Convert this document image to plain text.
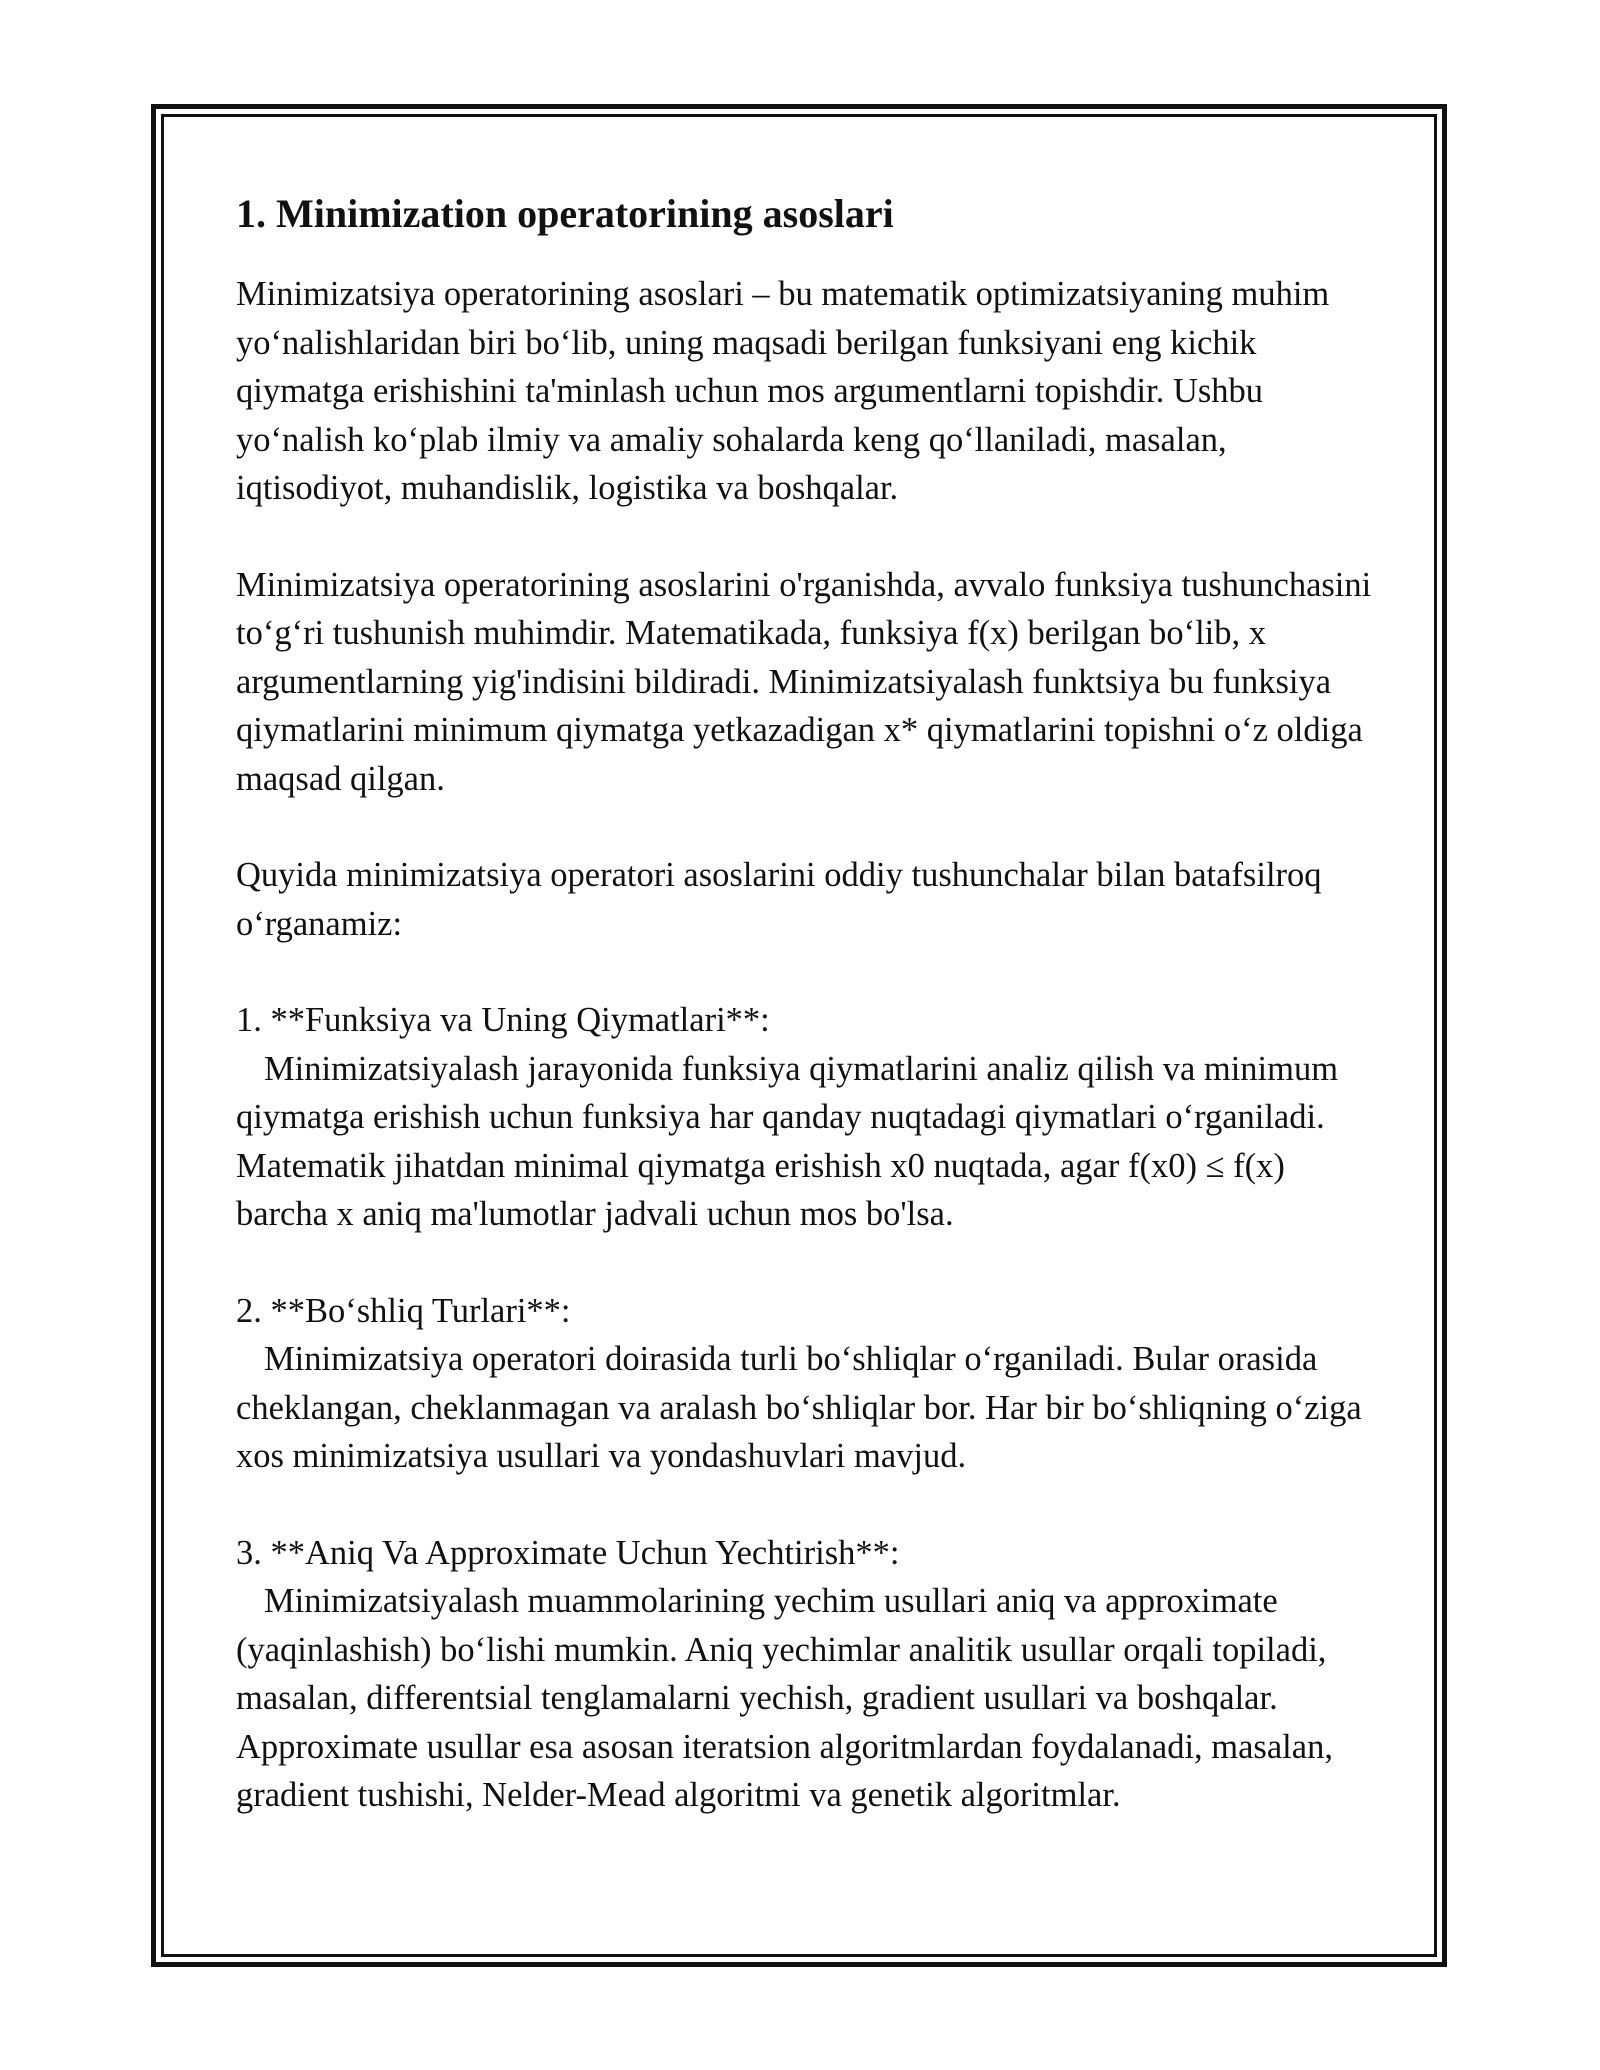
1. Minimization operatorining asoslari

Minimizatsiya operatorining asoslari – bu matematik optimizatsiyaning muhim yo‘nalishlaridan biri bo‘lib, uning maqsadi berilgan funksiyani eng kichik qiymatga erishishini ta'minlash uchun mos argumentlarni topishdir. Ushbu yo‘nalish ko‘plab ilmiy va amaliy sohalarda keng qo‘llaniladi, masalan, iqtisodiyot, muhandislik, logistika va boshqalar.

Minimizatsiya operatorining asoslarini o'rganishda, avvalo funksiya tushunchasini to‘g‘ri tushunish muhimdir. Matematikada, funksiya f(x) berilgan bo‘lib, x argumentlarning yig'indisini bildiradi. Minimizatsiyalash funktsiya bu funksiya qiymatlarini minimum qiymatga yetkazadigan x* qiymatlarini topishni o‘z oldiga maqsad qilgan.

Quyida minimizatsiya operatori asoslarini oddiy tushunchalar bilan batafsilroq o‘rganamiz:

1. **Funksiya va Uning Qiymatlari**:
Minimizatsiyalash jarayonida funksiya qiymatlarini analiz qilish va minimum qiymatga erishish uchun funksiya har qanday nuqtadagi qiymatlari o‘rganiladi. Matematik jihatdan minimal qiymatga erishish x0 nuqtada, agar f(x0) ≤ f(x) barcha x aniq ma'lumotlar jadvali uchun mos bo'lsa.
2. **Bo‘shliq Turlari**:
Minimizatsiya operatori doirasida turli bo‘shliqlar o‘rganiladi. Bular orasida cheklangan, cheklanmagan va aralash bo‘shliqlar bor. Har bir bo‘shliqning o‘ziga xos minimizatsiya usullari va yondashuvlari mavjud.
3. **Aniq Va Approximate Uchun Yechtirish**:
Minimizatsiyalash muammolarining yechim usullari aniq va approximate (yaqinlashish) bo‘lishi mumkin. Aniq yechimlar analitik usullar orqali topiladi, masalan, differentsial tenglamalarni yechish, gradient usullari va boshqalar. Approximate usullar esa asosan iteratsion algoritmlardan foydalanadi, masalan, gradient tushishi, Nelder-Mead algoritmi va genetik algoritmlar.
